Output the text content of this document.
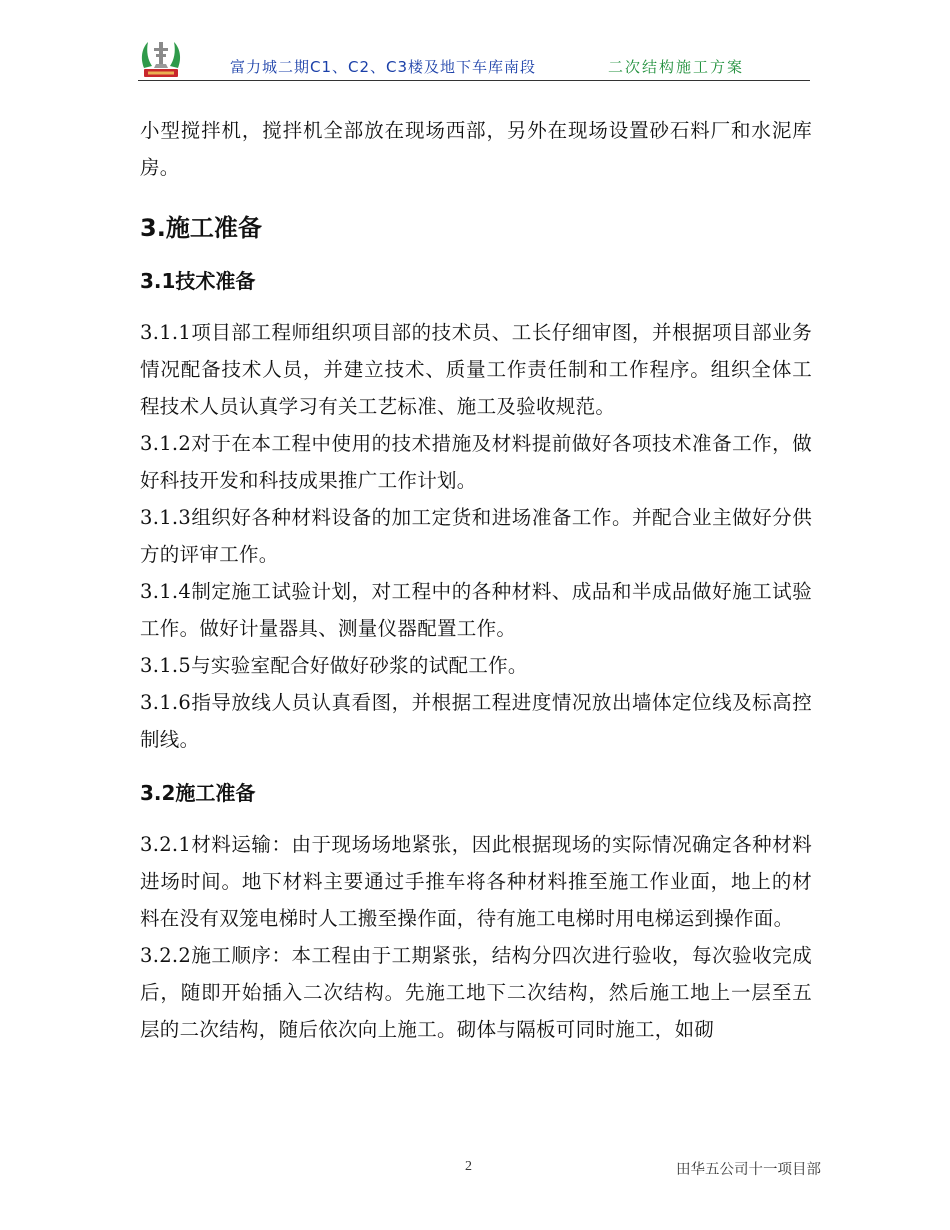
富力城二期C1、C2、C3楼及地下车库南段	二次结构施工方案

小型搅拌机，搅拌机全部放在现场西部，另外在现场设置砂石料厂和水泥库房。

3.施工准备
3.1技术准备

3.1.1项目部工程师组织项目部的技术员、工长仔细审图，并根据项目部业务情况配备技术人员，并建立技术、质量工作责任制和工作程序。组织全体工程技术人员认真学习有关工艺标准、施工及验收规范。

3.1.2对于在本工程中使用的技术措施及材料提前做好各项技术准备工作，做好科技开发和科技成果推广工作计划。

3.1.3组织好各种材料设备的加工定货和进场准备工作。并配合业主做好分供方的评审工作。

3.1.4制定施工试验计划，对工程中的各种材料、成品和半成品做好施工试验工作。做好计量器具、测量仪器配置工作。

3.1.5与实验室配合好做好砂浆的试配工作。

3.1.6指导放线人员认真看图，并根据工程进度情况放出墙体定位线及标高控制线。

3.2施工准备

3.2.1材料运输：由于现场场地紧张，因此根据现场的实际情况确定各种材料进场时间。地下材料主要通过手推车将各种材料推至施工作业面，地上的材料在没有双笼电梯时人工搬至操作面，待有施工电梯时用电梯运到操作面。

3.2.2施工顺序：本工程由于工期紧张，结构分四次进行验收，每次验收完成后，随即开始插入二次结构。先施工地下二次结构，然后施工地上一层至五层的二次结构，随后依次向上施工。砌体与隔板可同时施工，如砌

2	田华五公司十一项目部
